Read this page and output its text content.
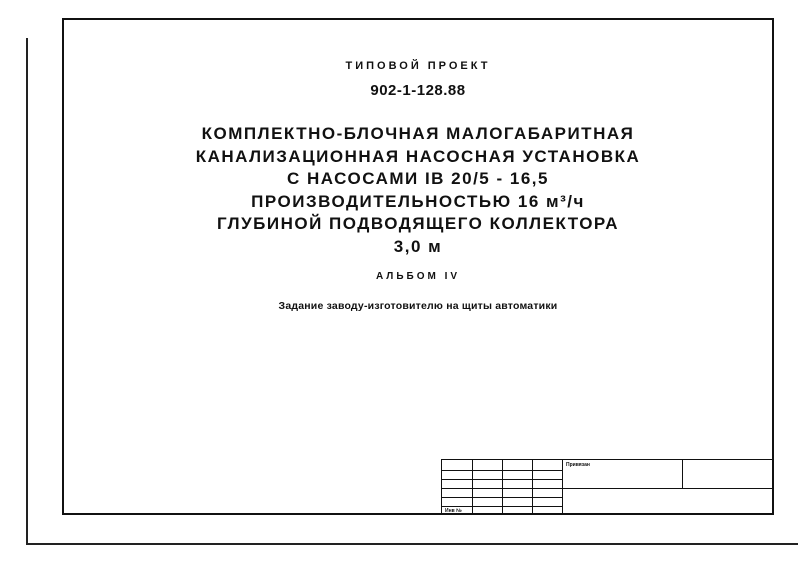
ТИПОВОЙ ПРОЕКТ
902-1-128.88
КОМПЛЕКТНО-БЛОЧНАЯ МАЛОГАБАРИТНАЯ
КАНАЛИЗАЦИОННАЯ НАСОСНАЯ УСТАНОВКА
С НАСОСАМИ IВ 20/5 - 16,5
ПРОИЗВОДИТЕЛЬНОСТЬЮ 16 м³/ч
ГЛУБИНОЙ ПОДВОДЯЩЕГО КОЛЛЕКТОРА
3,0 м
АЛЬБОМ IV
Задание заводу-изготовителю на щиты автоматики
Привязан
Инв №
